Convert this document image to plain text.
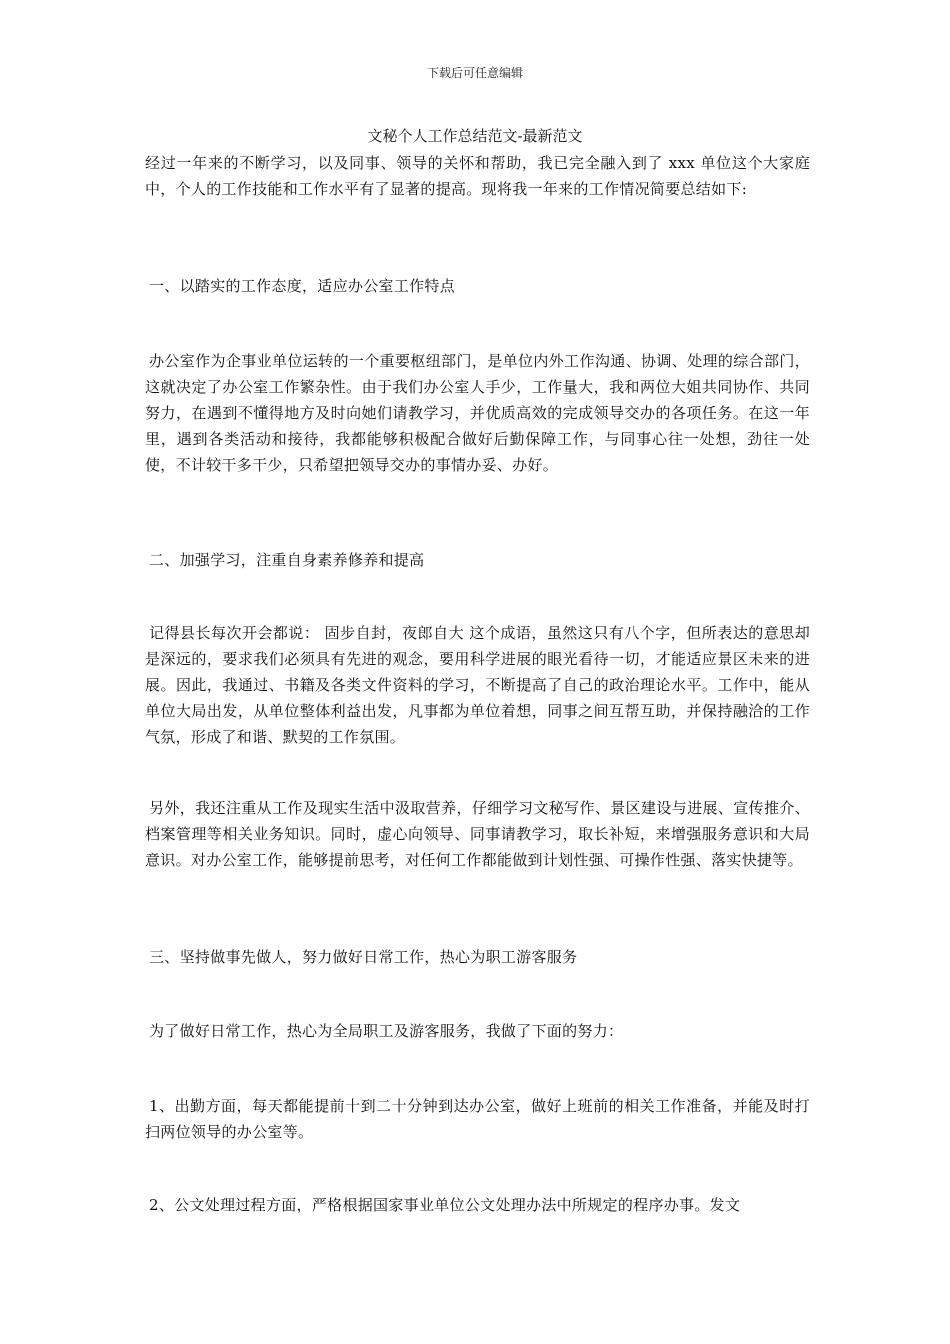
下载后可任意编辑
文秘个人工作总结范文-最新范文

经过一年来的不断学习，以及同事、领导的关怀和帮助，我已完全融入到了 xxx 单位这个大家庭中，个人的工作技能和工作水平有了显著的提高。现将我一年来的工作情况简要总结如下:

一、以踏实的工作态度，适应办公室工作特点

办公室作为企事业单位运转的一个重要枢纽部门，是单位内外工作沟通、协调、处理的综合部门，这就决定了办公室工作繁杂性。由于我们办公室人手少，工作量大，我和两位大姐共同协作、共同努力，在遇到不懂得地方及时向她们请教学习，并优质高效的完成领导交办的各项任务。在这一年里，遇到各类活动和接待，我都能够积极配合做好后勤保障工作，与同事心往一处想，劲往一处使，不计较干多干少，只希望把领导交办的事情办妥、办好。

二、加强学习，注重自身素养修养和提高

记得县长每次开会都说： 固步自封，夜郎自大 这个成语，虽然这只有八个字，但所表达的意思却是深远的，要求我们必须具有先进的观念，要用科学进展的眼光看待一切，才能适应景区未来的进展。因此，我通过、书籍及各类文件资料的学习，不断提高了自己的政治理论水平。工作中，能从单位大局出发，从单位整体利益出发，凡事都为单位着想，同事之间互帮互助，并保持融洽的工作气氛，形成了和谐、默契的工作氛围。

另外，我还注重从工作及现实生活中汲取营养，仔细学习文秘写作、景区建设与进展、宣传推介、档案管理等相关业务知识。同时，虚心向领导、同事请教学习，取长补短，来增强服务意识和大局意识。对办公室工作，能够提前思考，对任何工作都能做到计划性强、可操作性强、落实快捷等。

三、坚持做事先做人，努力做好日常工作，热心为职工游客服务

为了做好日常工作，热心为全局职工及游客服务，我做了下面的努力：

1、出勤方面，每天都能提前十到二十分钟到达办公室，做好上班前的相关工作准备，并能及时打扫两位领导的办公室等。

2、公文处理过程方面，严格根据国家事业单位公文处理办法中所规定的程序办事。发文
